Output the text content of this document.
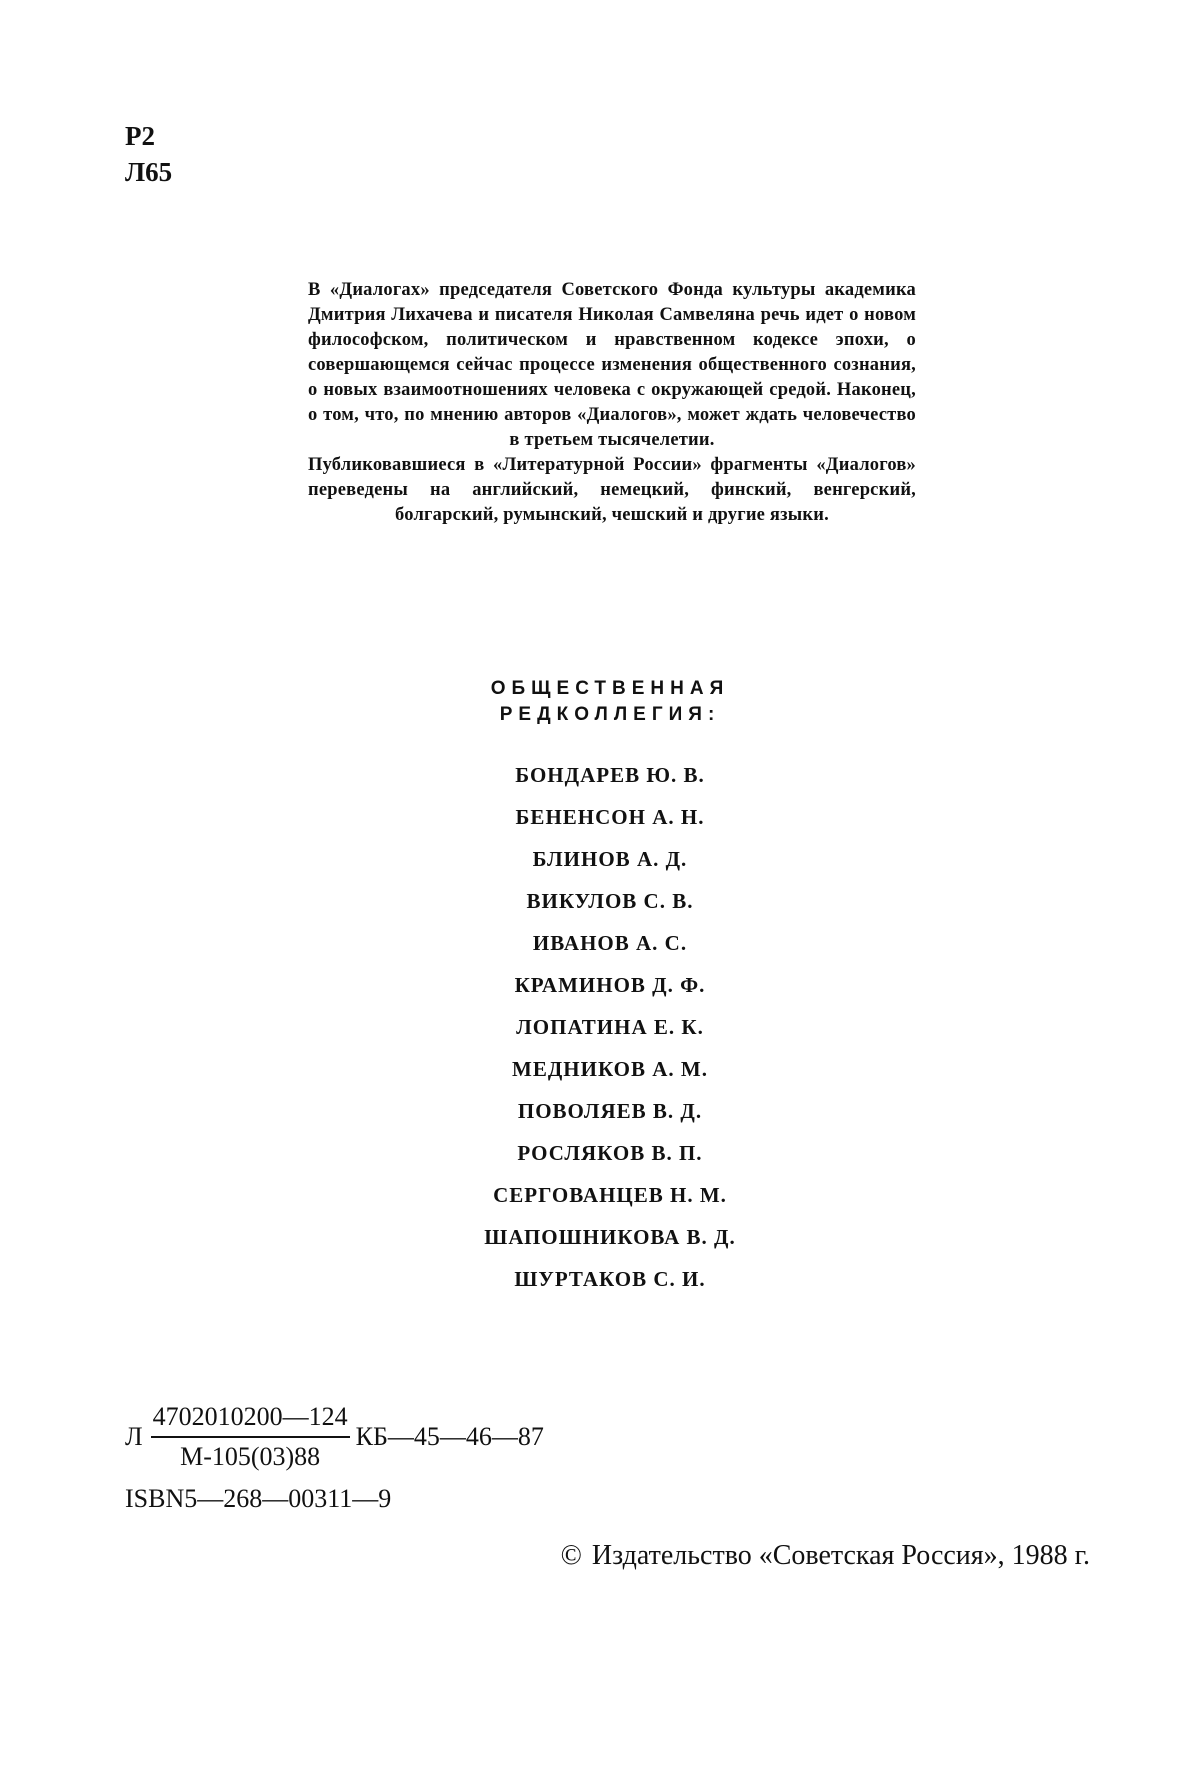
Р2
Л65

В «Диалогах» председателя Советского Фонда культуры академика Дмитрия Лихачева и писателя Николая Самвеляна речь идет о новом философском, политическом и нравственном кодексе эпохи, о совершающемся сейчас процессе изменения общественного сознания, о новых взаимоотношениях человека с окружающей средой. Наконец, о том, что, по мнению авторов «Диалогов», может ждать человечество в третьем тысячелетии.

Публиковавшиеся в «Литературной России» фрагменты «Диалогов» переведены на английский, немецкий, финский, венгерский, болгарский, румынский, чешский и другие языки.

ОБЩЕСТВЕННАЯ
РЕДКОЛЛЕГИЯ:
БОНДАРЕВ Ю. В.
БЕНЕНСОН А. Н.
БЛИНОВ А. Д.
ВИКУЛОВ С. В.
ИВАНОВ А. С.
КРАМИНОВ Д. Ф.
ЛОПАТИНА Е. К.
МЕДНИКОВ А. М.
ПОВОЛЯЕВ В. Д.
РОСЛЯКОВ В. П.
СЕРГОВАНЦЕВ Н. М.
ШАПОШНИКОВА В. Д.
ШУРТАКОВ С. И.
Л $\frac{4702010200—124}{М-105(03)88}$ КБ—45—46—87
ISBN5—268—00311—9
© Издательство «Советская Россия», 1988 г.
